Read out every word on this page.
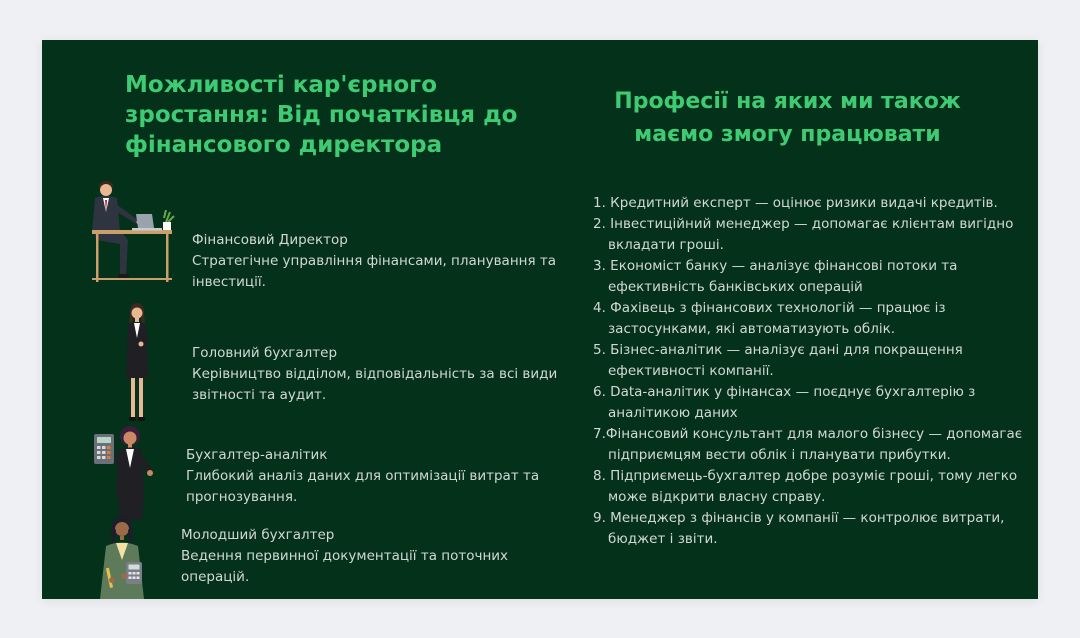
Можливості кар'єрного зростання: Від початківця до фінансового директора
Професії на яких ми також маємо змогу працювати
Фінансовий Директор
Стратегічне управління фінансами, планування та інвестиції.
Головний бухгалтер
Керівництво відділом, відповідальність за всі види звітності та аудит.
Бухгалтер-аналітик
Глибокий аналіз даних для оптимізації витрат та прогнозування.
Молодший бухгалтер
Ведення первинної документації та поточних операцій.
1. Кредитний експерт — оцінює ризики видачі кредитів.
2. Інвестиційний менеджер — допомагає клієнтам вигідно вкладати гроші.
3. Економіст банку — аналізує фінансові потоки та ефективність банківських операцій
4. Фахівець з фінансових технологій — працює із застосунками, які автоматизують облік.
5. Бізнес-аналітик — аналізує дані для покращення ефективності компанії.
6. Data-аналітик у фінансах — поєднує бухгалтерію з аналітикою даних
7.Фінансовий консультант для малого бізнесу — допомагає підприємцям вести облік і планувати прибутки.
8. Підприємець-бухгалтер добре розуміє гроші, тому легко може відкрити власну справу.
9. Менеджер з фінансів у компанії — контролює витрати, бюджет і звіти.
